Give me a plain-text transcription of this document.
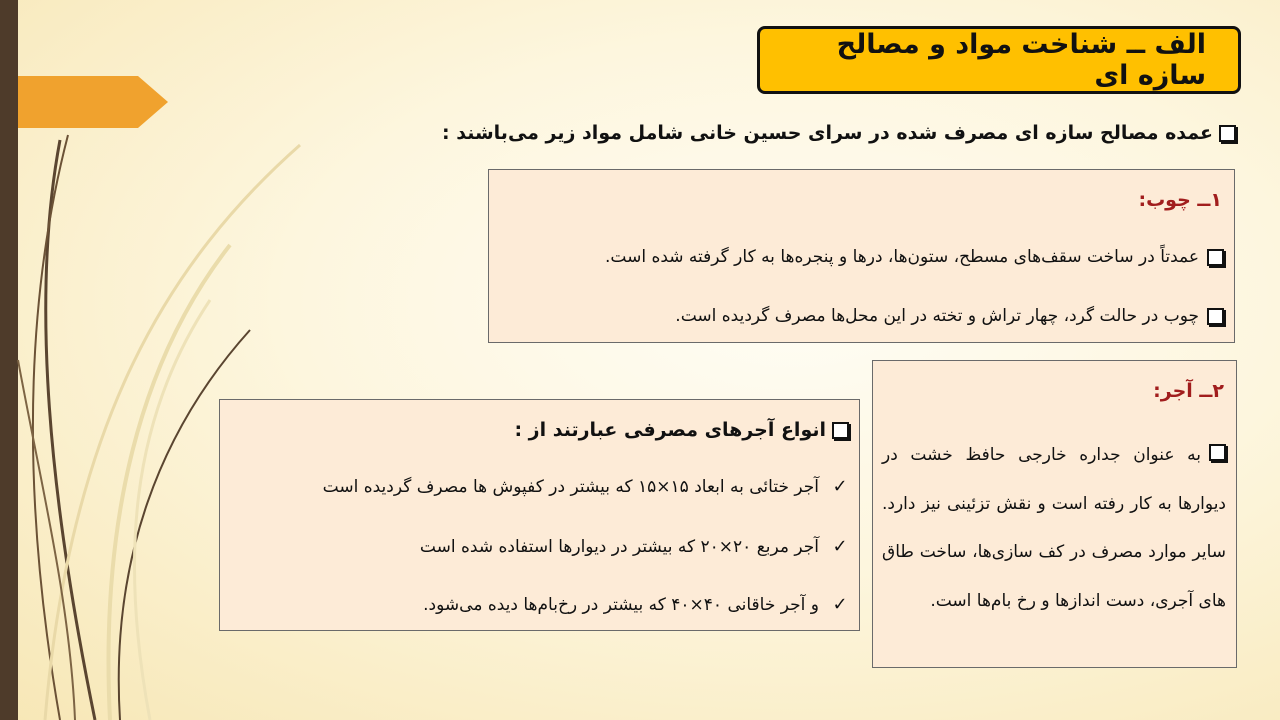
الف ــ شناخت مواد و مصالح سازه ای
عمده مصالح سازه ای مصرف شده در سرای حسین خانی شامل مواد زیر می‌باشند :
۱ــ چوب:
عمدتاً در ساخت سقف‌های مسطح، ستون‌ها، درها و پنجره‌ها به کار گرفته شده است.
چوب در حالت گرد، چهار تراش و تخته در این محل‌ها مصرف گردیده است.
۲ــ آجر:
به عنوان جداره خارجی حافظ خشت در دیوارها به کار رفته است و نقش تزئینی نیز دارد. سایر موارد مصرف در کف سازی‌ها، ساخت طاق های آجری، دست اندازها و رخ بام‌ها است.
انواع آجرهای مصرفی عبارتند از :
✓
آجر ختائی به ابعاد ۱۵×۱۵ که بیشتر در کفپوش ها مصرف گردیده است
✓
آجر مربع ۲۰×۲۰ که بیشتر در دیوارها استفاده شده است
✓
و آجر خاقانی ۴۰×۴۰ که بیشتر در رخ‌بام‌ها دیده می‌شود.
